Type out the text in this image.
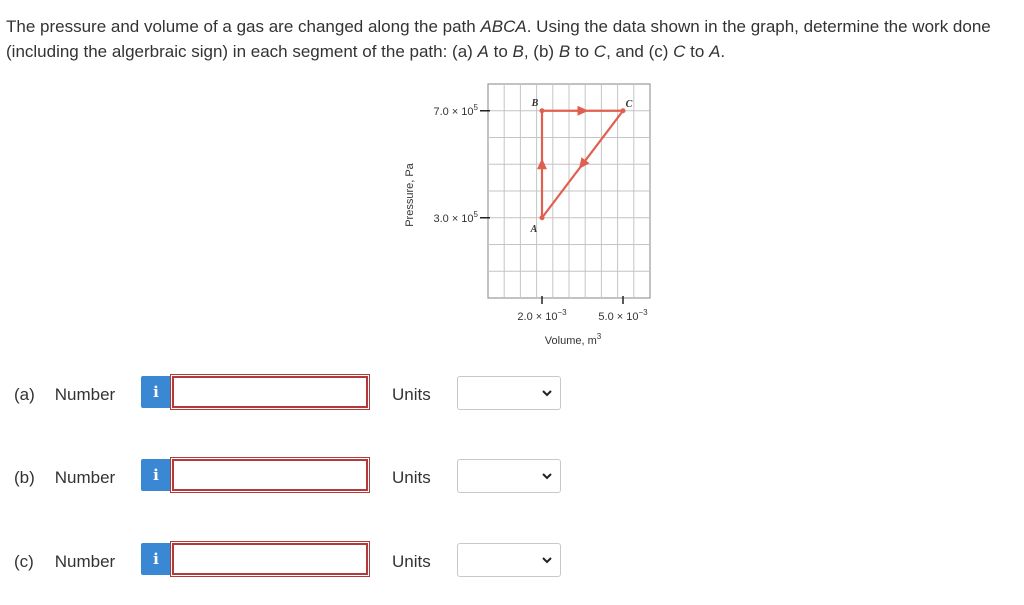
The pressure and volume of a gas are changed along the path ABCA. Using the data shown in the graph, determine the work done (including the algerbraic sign) in each segment of the path: (a) A to B, (b) B to C, and (c) C to A.
$7.0 \times 10^5$
$3.0 \times 10^5$
$2.0 \times 10^{-3}$	$5.0 \times 10^{-3}$
Volume, $m^3$
Pressure, Pa
A
B	C
(a) Number	i	Units
(b) Number	i	Units
(c) Number	i	Units
